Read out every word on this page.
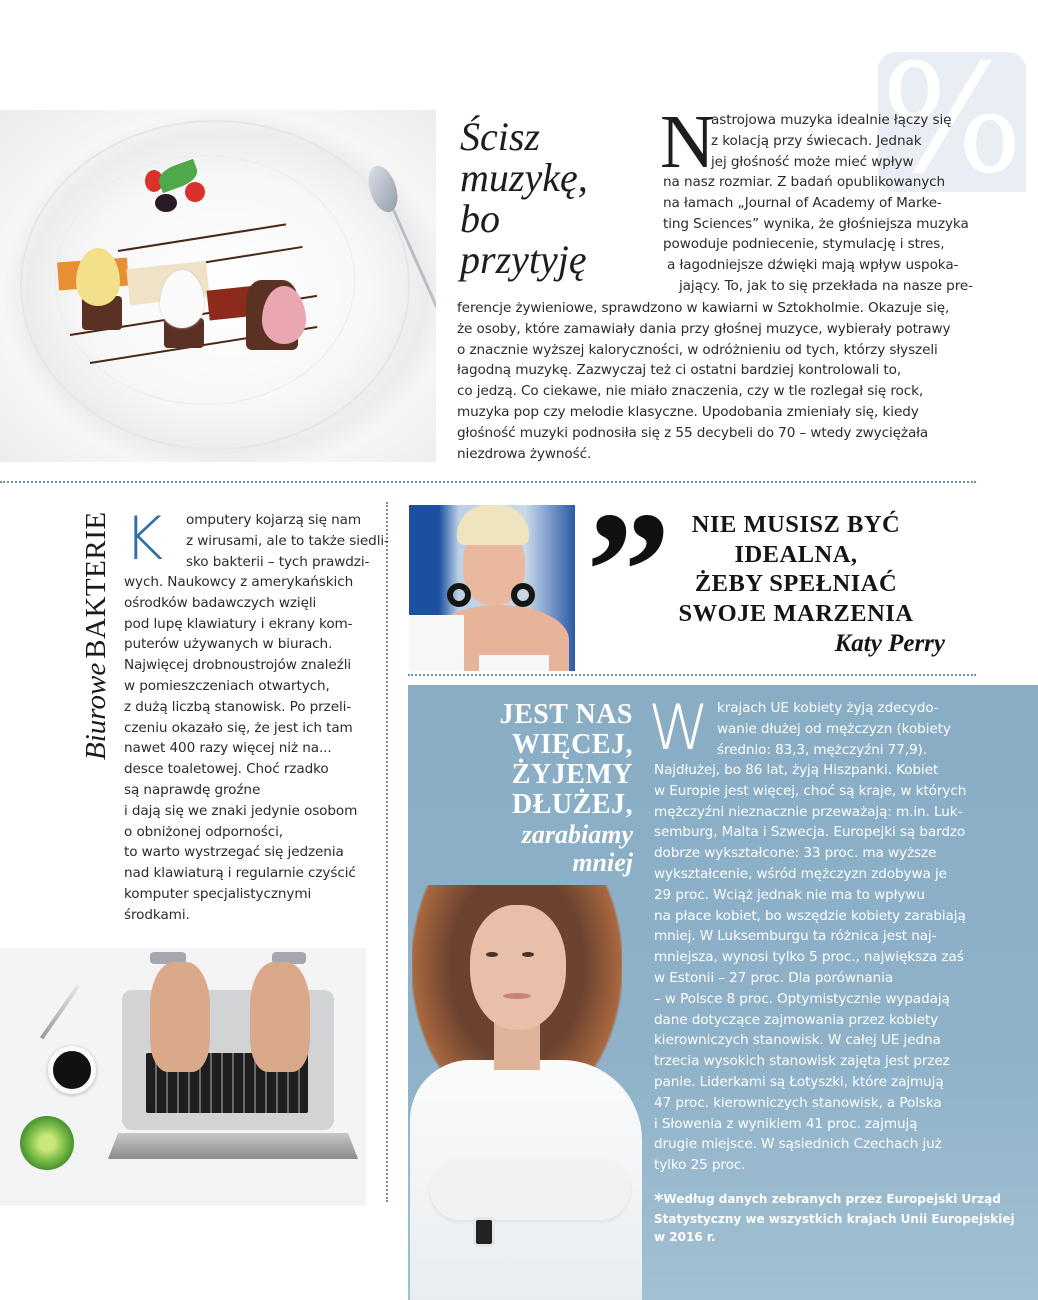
%
Ścisz
muzykę,
bo
przytyję
N
astrojowa muzyka idealnie łączy się
z kolacją przy świecach. Jednak
jej głośność może mieć wpływ
na nasz rozmiar. Z badań opublikowanych
na łamach „Journal of Academy of Marke-
ting Sciences” wynika, że głośniejsza muzyka
powoduje podniecenie, stymulację i stres,
a łagodniejsze dźwięki mają wpływ uspoka-
jający. To, jak to się przekłada na nasze pre-
ferencje żywieniowe, sprawdzono w kawiarni w Sztokholmie. Okazuje się,
że osoby, które zamawiały dania przy głośnej muzyce, wybierały potrawy
o znacznie wyższej kaloryczności, w odróżnieniu od tych, którzy słyszeli
łagodną muzykę. Zazwyczaj też ci ostatni bardziej kontrolowali to,
co jedzą. Co ciekawe, nie miało znaczenia, czy w tle rozlegał się rock,
muzyka pop czy melodie klasyczne. Upodobania zmieniały się, kiedy
głośność muzyki podnosiła się z 55 decybeli do 70 – wtedy zwyciężała
niezdrowa żywność.
Biurowe BAKTERIE K omputery kojarzą się nam
z wirusami, ale to także siedli-
sko bakterii – tych prawdzi-
wych. Naukowcy z amerykańskich
ośrodków badawczych wzięli
pod lupę klawiatury i ekrany kom-
puterów używanych w biurach.
Najwięcej drobnoustrojów znaleźli
w pomieszczeniach otwartych,
z dużą liczbą stanowisk. Po przeli-
czeniu okazało się, że jest ich tam
nawet 400 razy więcej niż na...
desce toaletowej. Choć rzadko
są naprawdę groźne
i dają się we znaki jedynie osobom
o obniżonej odporności,
to warto wystrzegać się jedzenia
nad klawiaturą i regularnie czyścić
komputer specjalistycznymi
środkami.
” NIE MUSISZ BYĆ
IDEALNA,
ŻEBY SPEŁNIAĆ
SWOJE MARZENIA
Katy Perry
JEST NAS
WIĘCEJ,
ŻYJEMY
DŁUŻEJ,
zarabiamy
mniej
W krajach UE kobiety żyją zdecydo-
wanie dłużej od mężczyzn (kobiety
średnio: 83,3, mężczyźni 77,9).
Najdłużej, bo 86 lat, żyją Hiszpanki. Kobiet
w Europie jest więcej, choć są kraje, w których
mężczyźni nieznacznie przeważają: m.in. Luk-
semburg, Malta i Szwecja. Europejki są bardzo
dobrze wykształcone: 33 proc. ma wyższe
wykształcenie, wśród mężczyzn zdobywa je
29 proc. Wciąż jednak nie ma to wpływu
na płace kobiet, bo wszędzie kobiety zarabiają
mniej. W Luksemburgu ta różnica jest naj-
mniejsza, wynosi tylko 5 proc., największa zaś
w Estonii – 27 proc. Dla porównania
– w Polsce 8 proc. Optymistycznie wypadają
dane dotyczące zajmowania przez kobiety
kierowniczych stanowisk. W całej UE jedna
trzecia wysokich stanowisk zajęta jest przez
panie. Liderkami są Łotyszki, które zajmują
47 proc. kierowniczych stanowisk, a Polska
i Słowenia z wynikiem 41 proc. zajmują
drugie miejsce. W sąsiednich Czechach już
tylko 25 proc.
*Według danych zebranych przez Europejski Urząd
Statystyczny we wszystkich krajach Unii Europejskiej
w 2016 r.
